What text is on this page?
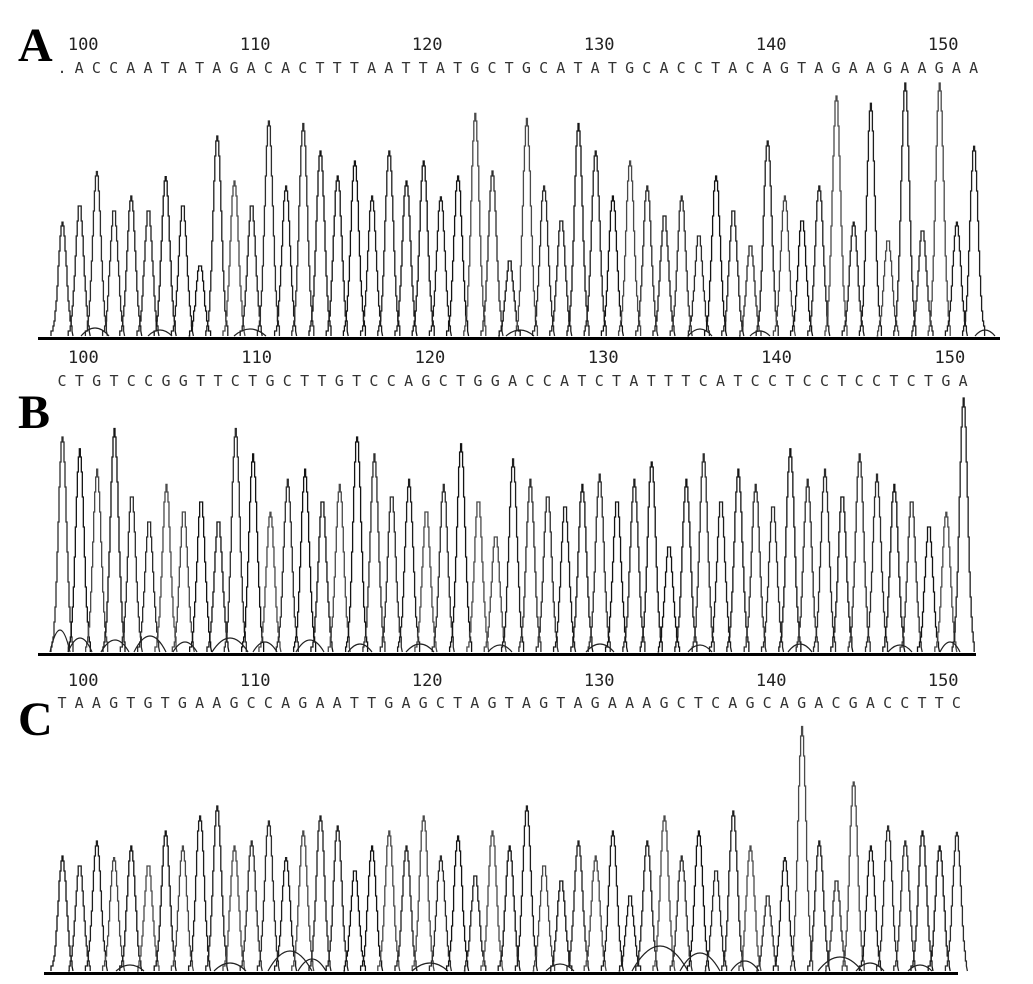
A 100	110	120	130	140	150
. A C C A A T A T A G A C A C T T T A A T T A T G C T G C A T A T G C A C C T A C A G T A G A A G A A G A A
B
100	110	120	130	140	150
C T G T C C G G T T C T G C T T G T C C A G C T G G A C C A T C T A T T T C A T C C T C C T C C T C T G A
C
100	110	120	130	140	150
T A A G T G T G A A G C C A G A A T T G A G C T A G T A G T A G A A A G C T C A G C A G A C G A C C T T C
